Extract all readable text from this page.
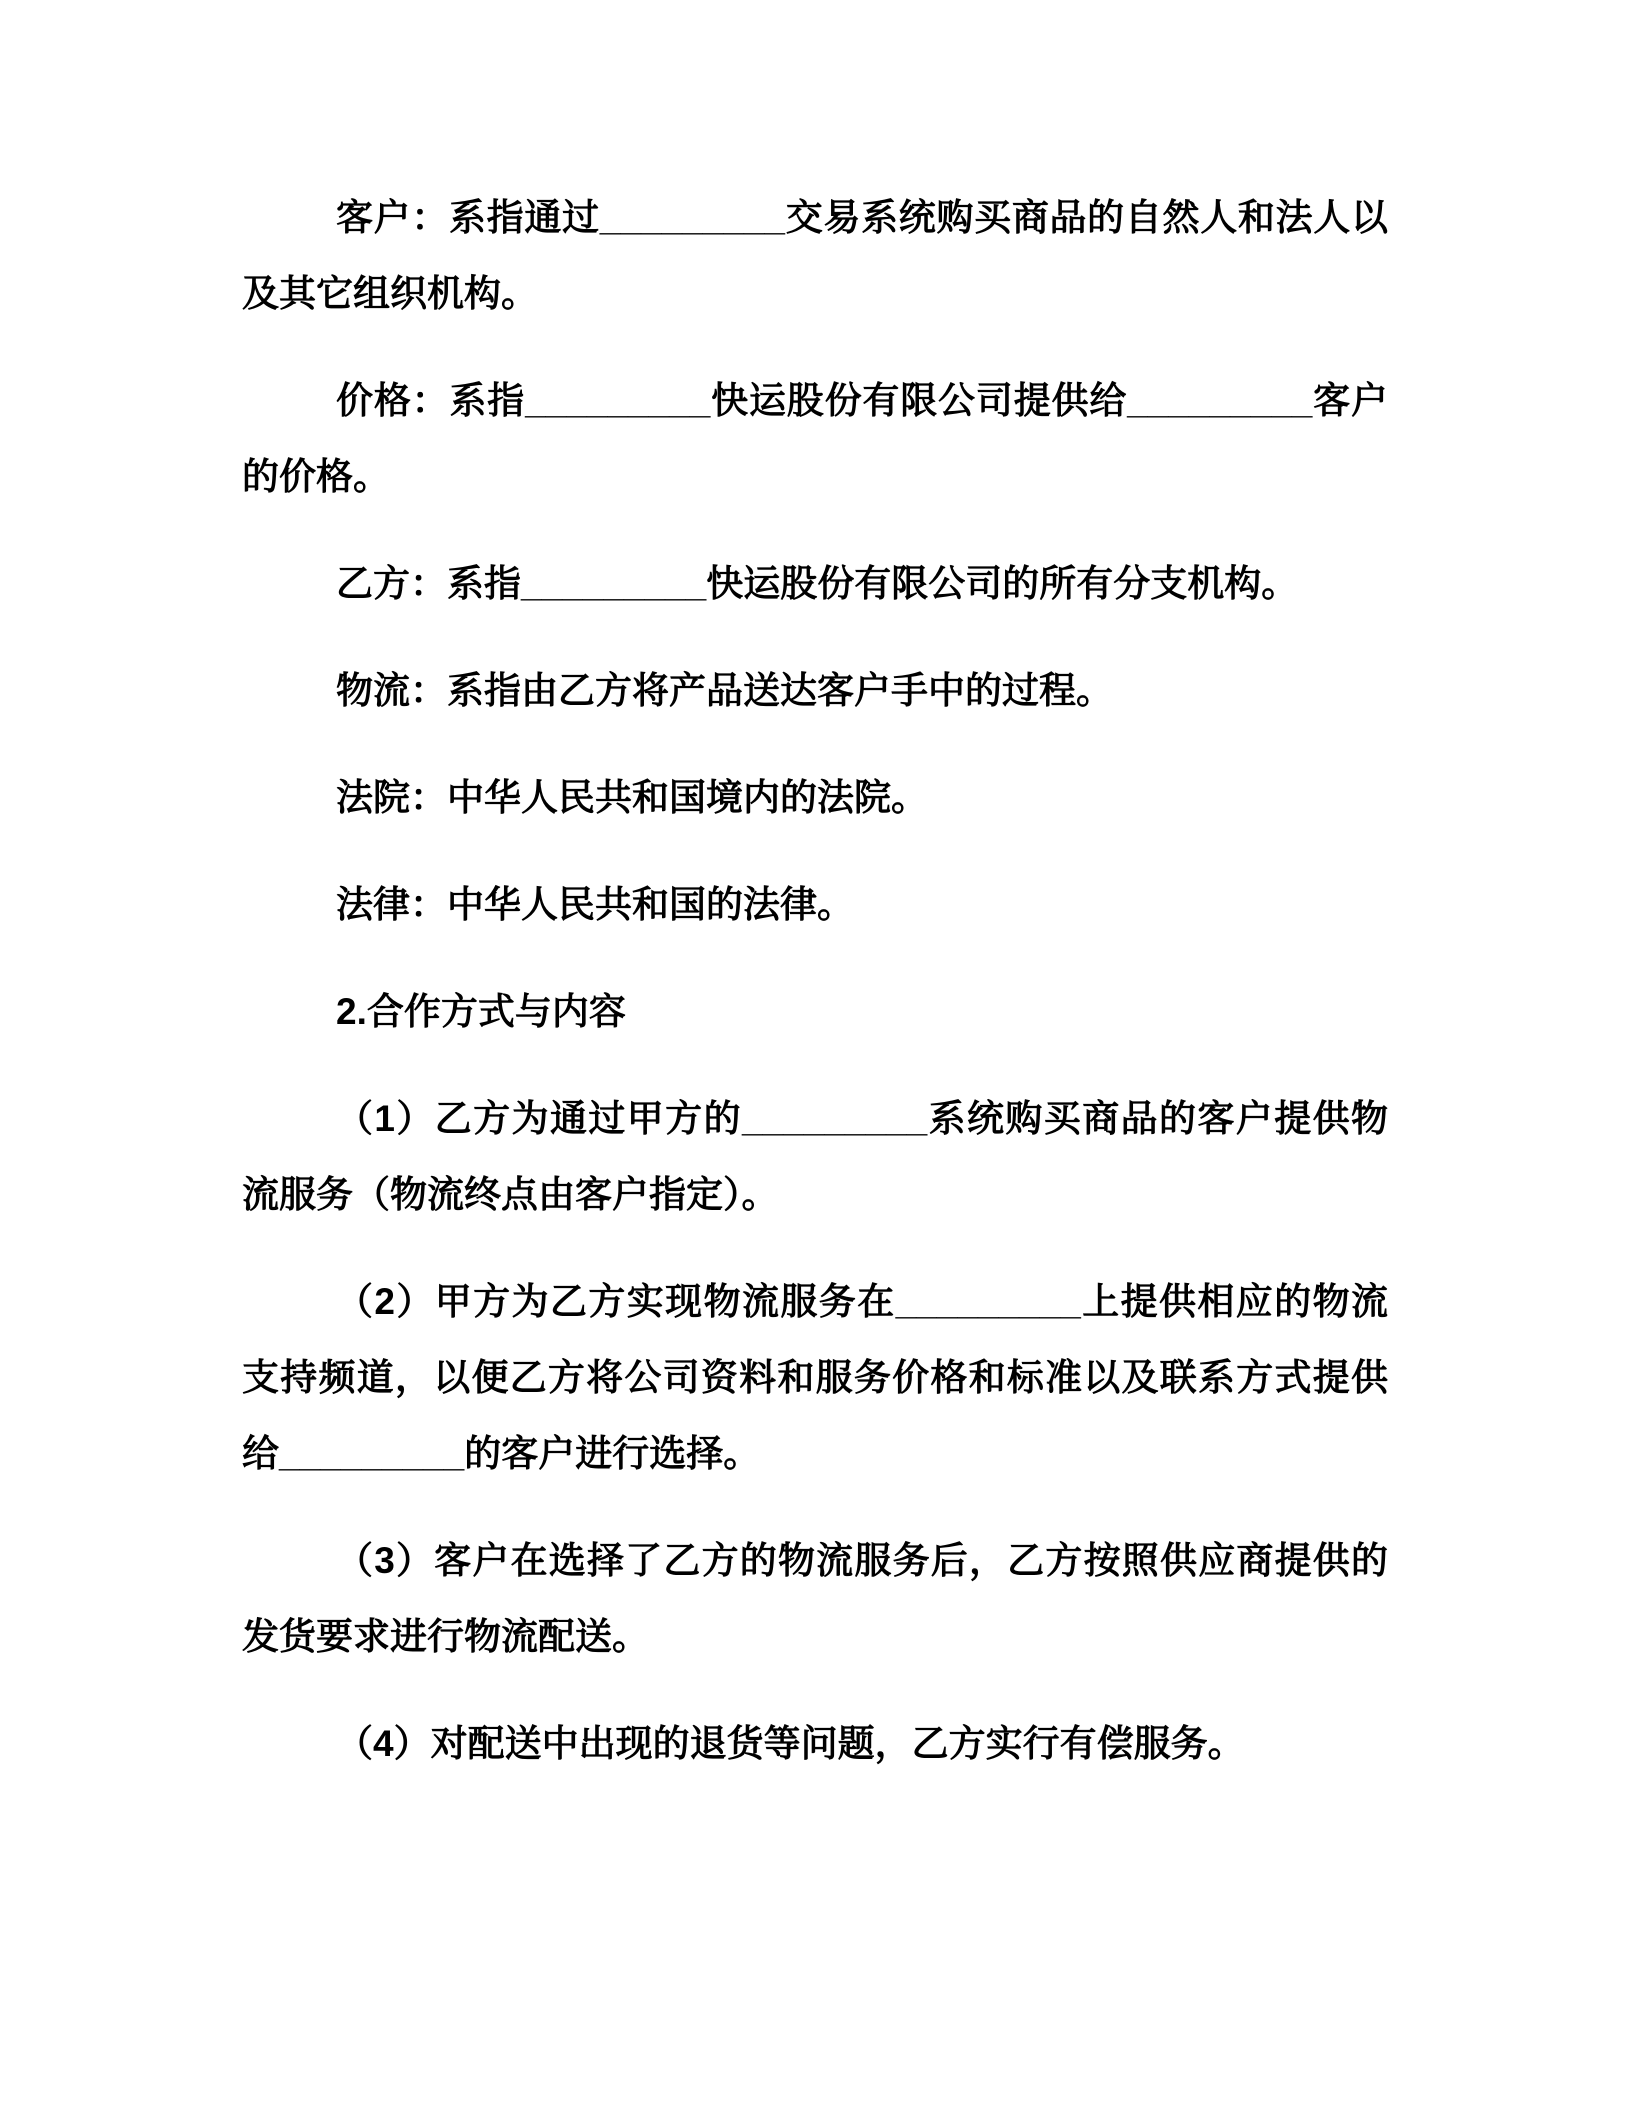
客户：系指通过_________交易系统购买商品的自然人和法人以
及其它组织机构。
价格：系指_________快运股份有限公司提供给_________客户
的价格。
乙方：系指_________快运股份有限公司的所有分支机构。
物流：系指由乙方将产品送达客户手中的过程。
法院：中华人民共和国境内的法院。
法律：中华人民共和国的法律。
2.合作方式与内容
（1）乙方为通过甲方的_________系统购买商品的客户提供物
流服务（物流终点由客户指定）。
（2）甲方为乙方实现物流服务在_________上提供相应的物流
支持频道，以便乙方将公司资料和服务价格和标准以及联系方式提供
给_________的客户进行选择。
（3）客户在选择了乙方的物流服务后，乙方按照供应商提供的
发货要求进行物流配送。
（4）对配送中出现的退货等问题，乙方实行有偿服务。
